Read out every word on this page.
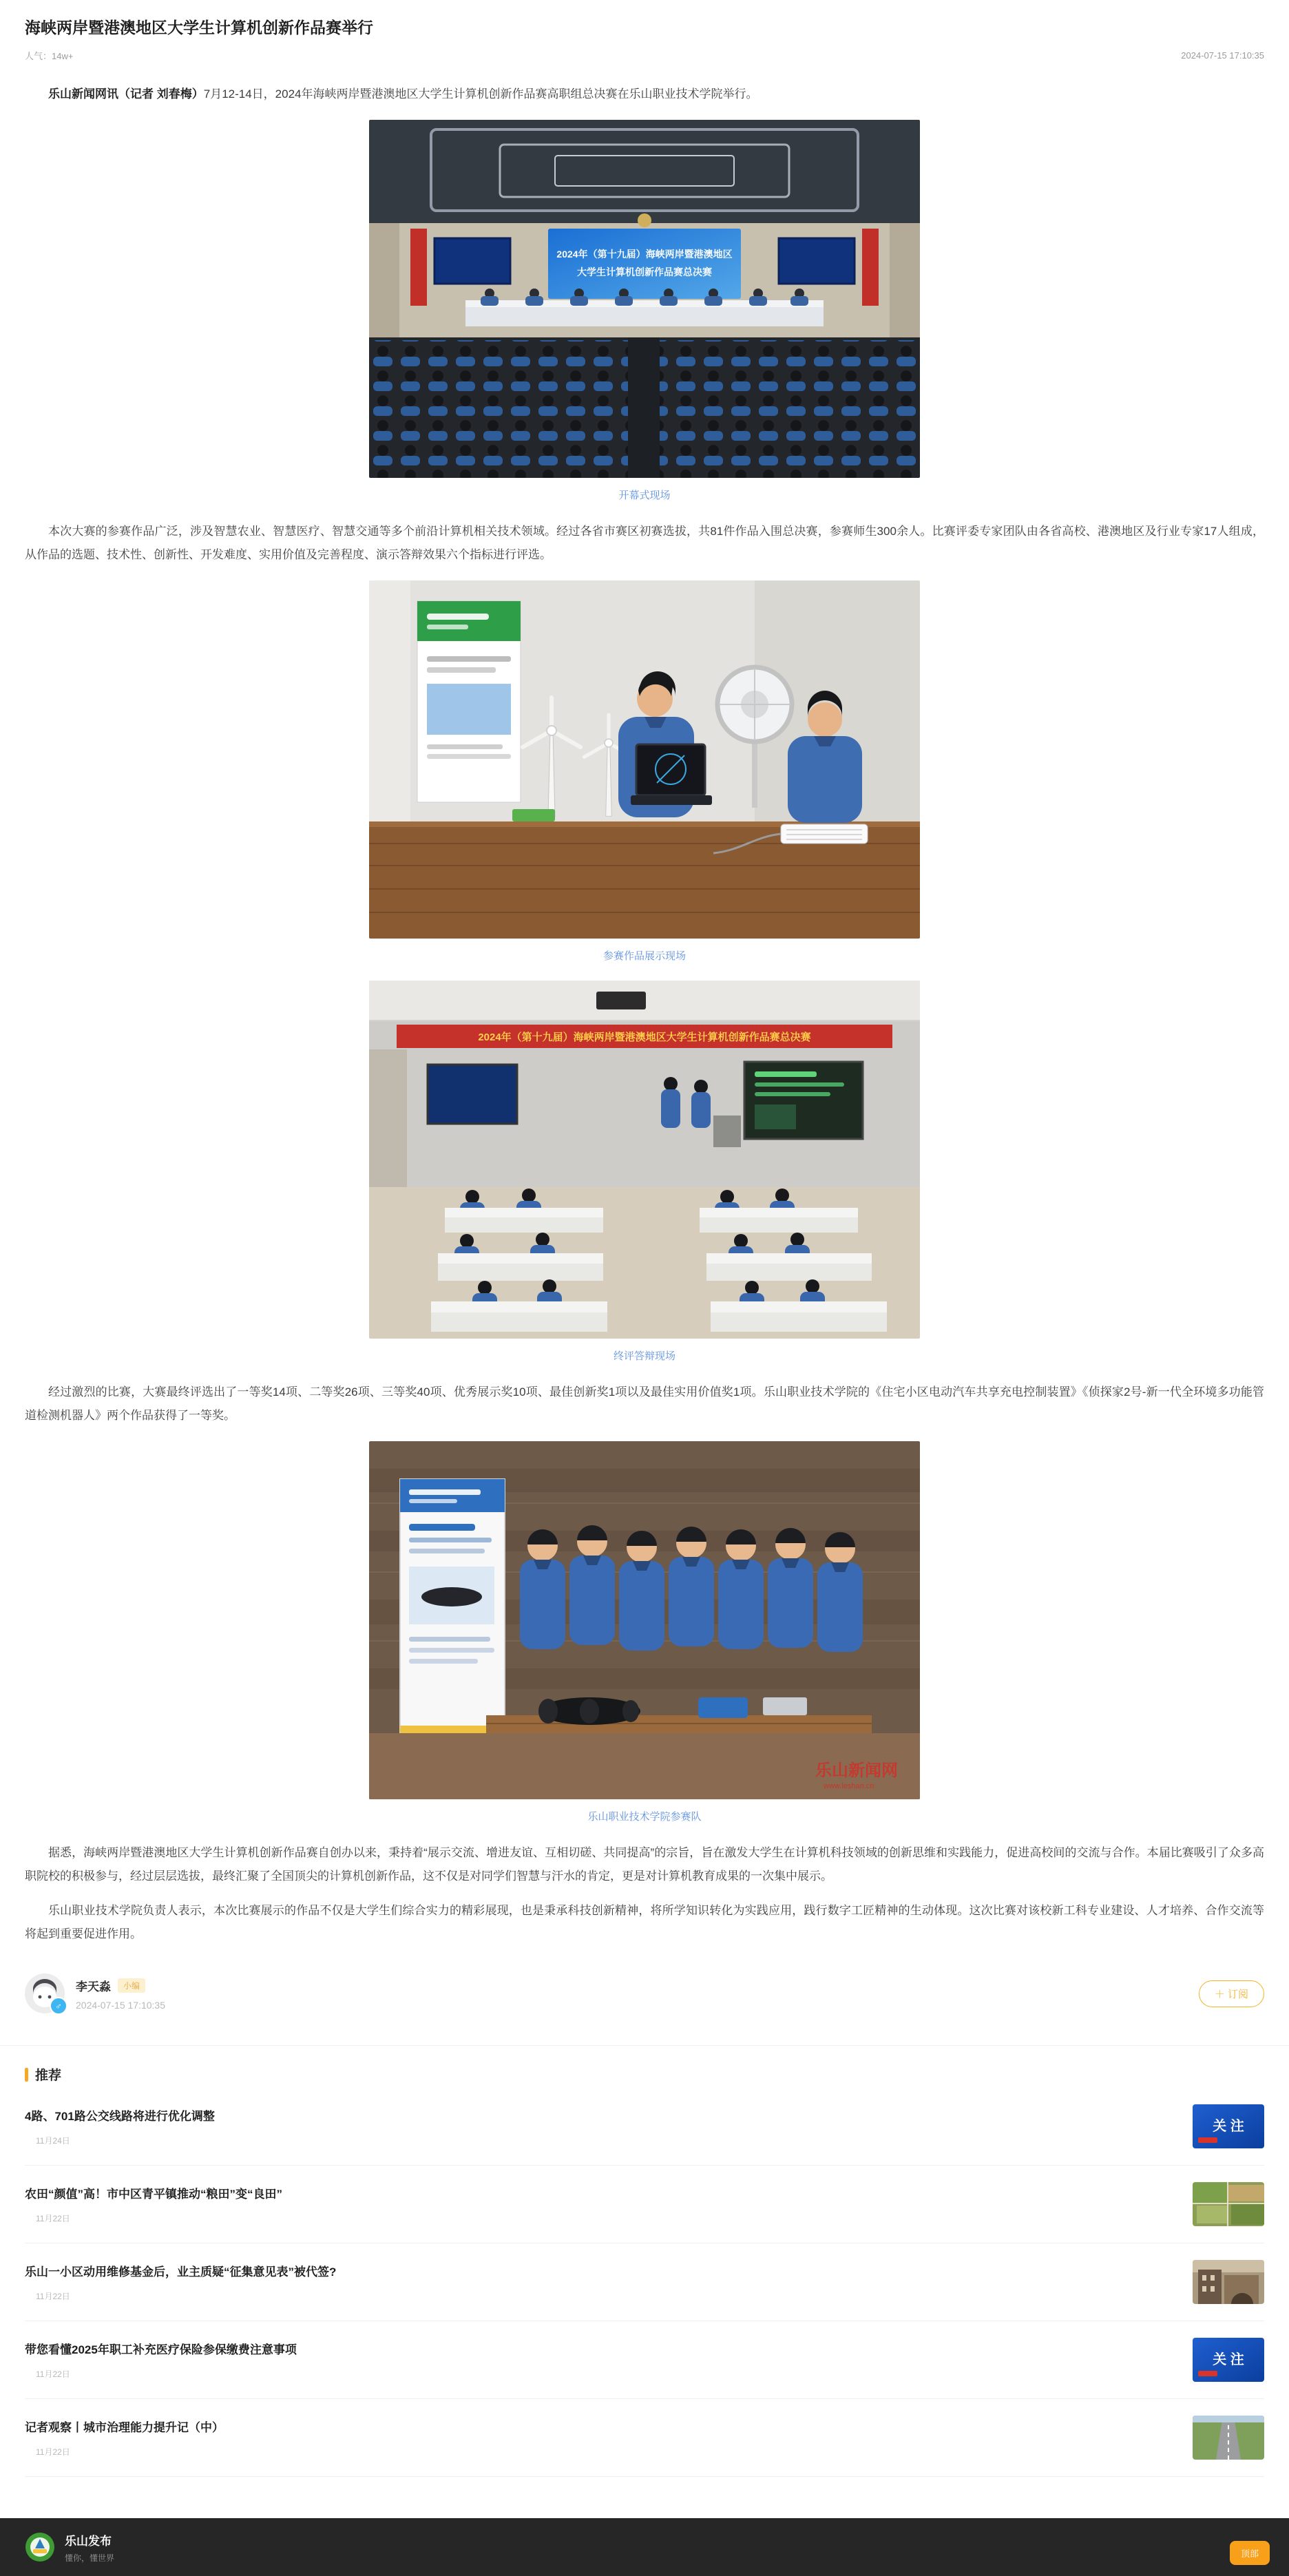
海峡两岸暨港澳地区大学生计算机创新作品赛举行
人气：14w+	2024-07-15 17:10:35

乐山新闻网讯（记者 刘春梅）7月12-14日，2024年海峡两岸暨港澳地区大学生计算机创新作品赛高职组总决赛在乐山职业技术学院举行。

2024年（第十九届）海峡两岸暨港澳地区
大学生计算机创新作品赛总决赛
开幕式现场

本次大赛的参赛作品广泛，涉及智慧农业、智慧医疗、智慧交通等多个前沿计算机相关技术领域。经过各省市赛区初赛选拔，共81件作品入围总决赛，参赛师生300余人。比赛评委专家团队由各省高校、港澳地区及行业专家17人组成，从作品的选题、技术性、创新性、开发难度、实用价值及完善程度、演示答辩效果六个指标进行评选。

参赛作品展示现场
2024年（第十九届）海峡两岸暨港澳地区大学生计算机创新作品赛总决赛
终评答辩现场

经过激烈的比赛，大赛最终评选出了一等奖14项、二等奖26项、三等奖40项、优秀展示奖10项、最佳创新奖1项以及最佳实用价值奖1项。乐山职业技术学院的《住宅小区电动汽车共享充电控制装置》《侦探家2号-新一代全环境多功能管道检测机器人》两个作品获得了一等奖。

乐山新闻网
www.leshan.cn
乐山职业技术学院参赛队

据悉，海峡两岸暨港澳地区大学生计算机创新作品赛自创办以来，秉持着“展示交流、增进友谊、互相切磋、共同提高”的宗旨，旨在激发大学生在计算机科技领域的创新思维和实践能力，促进高校间的交流与合作。本届比赛吸引了众多高职院校的积极参与，经过层层选拔，最终汇聚了全国顶尖的计算机创新作品，这不仅是对同学们智慧与汗水的肯定，更是对计算机教育成果的一次集中展示。

乐山职业技术学院负责人表示，本次比赛展示的作品不仅是大学生们综合实力的精彩展现，也是秉承科技创新精神，将所学知识转化为实践应用，践行数字工匠精神的生动体现。这次比赛对该校新工科专业建设、人才培养、合作交流等将起到重要促进作用。

♂
李天淼	小编
2024-07-15 17:10:35
＋ 订阅
推荐
4路、701路公交线路将进行优化调整
11月24日
关 注
农田“颜值”高！市中区青平镇推动“粮田”变“良田”
11月22日
乐山一小区动用维修基金后，业主质疑“征集意见表”被代签?
11月22日
带您看懂2025年职工补充医疗保险参保缴费注意事项
11月22日
关 注
记者观察丨城市治理能力提升记（中）
11月22日
乐山发布
懂你，懂世界	顶部
